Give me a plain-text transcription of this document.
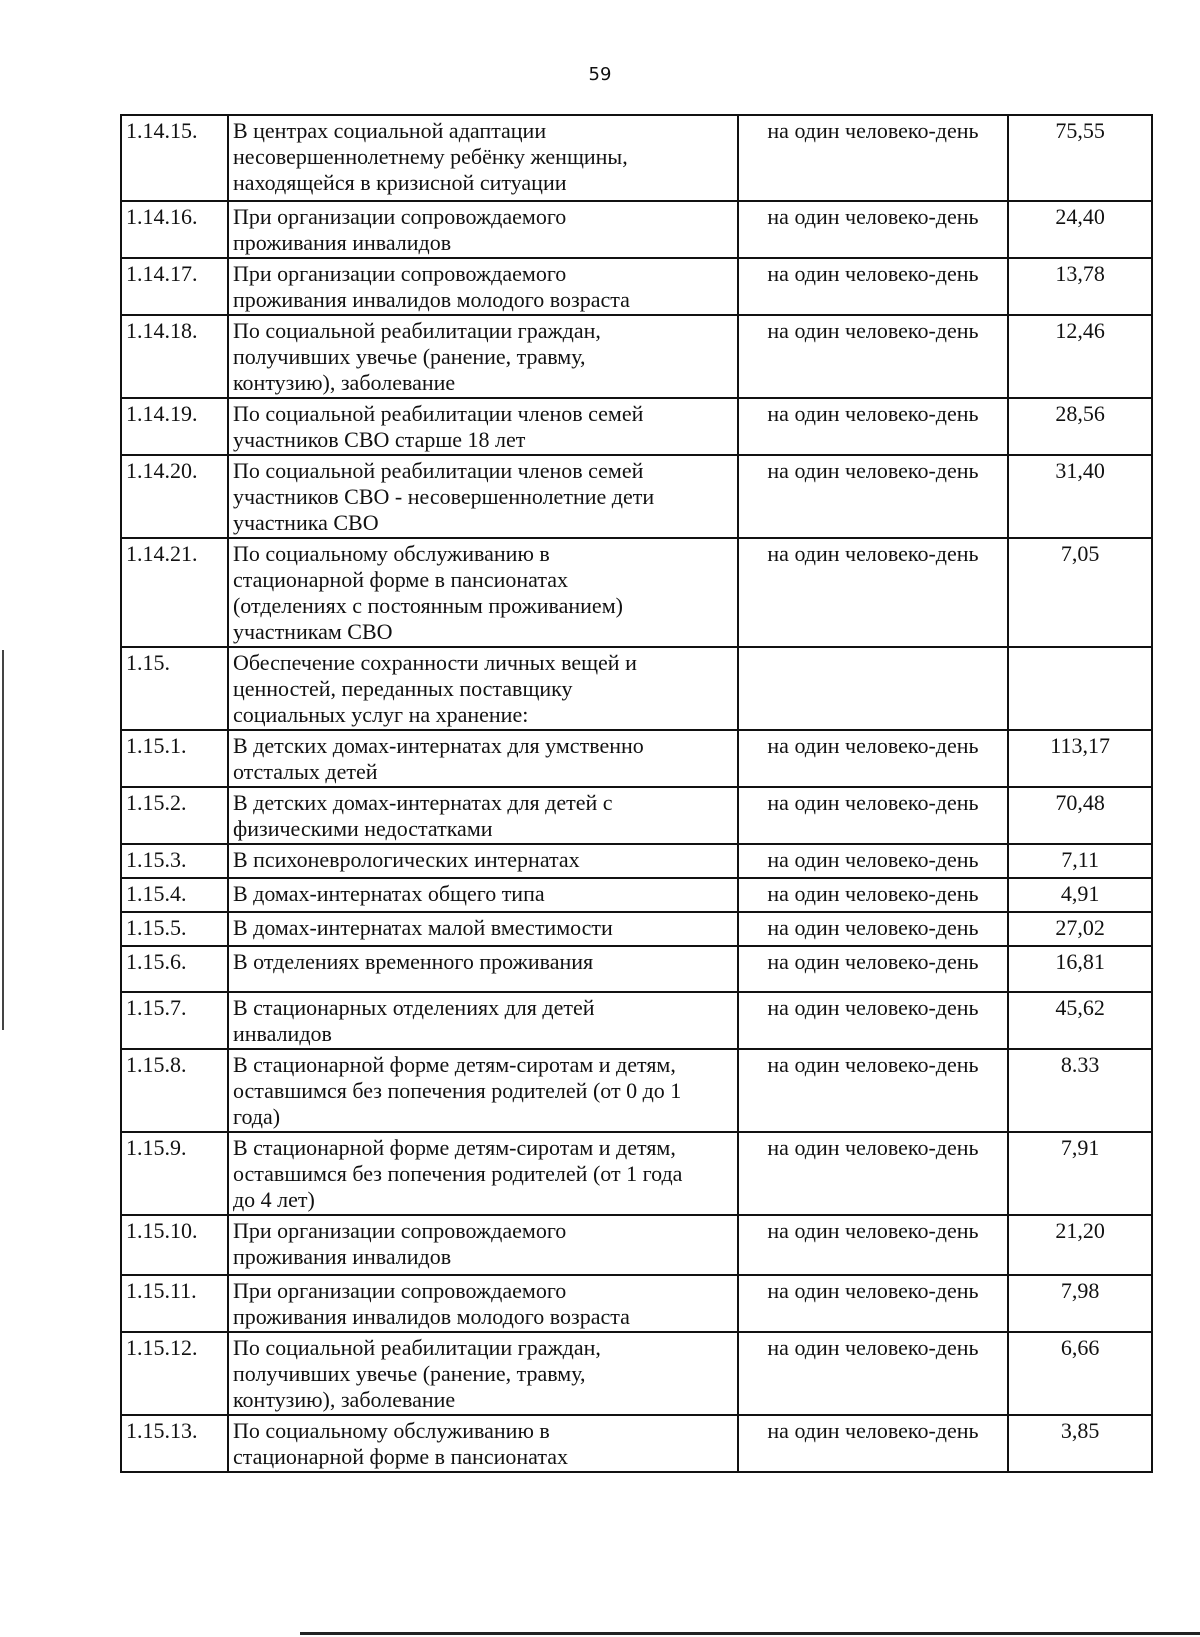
59
1.14.15.	В центрах социальной адаптации
несовершеннолетнему ребёнку женщины,
находящейся в кризисной ситуации	на один человеко-день	75,55

1.14.16.	При организации сопровождаемого
проживания инвалидов	на один человеко-день	24,40

1.14.17.	При организации сопровождаемого
проживания инвалидов молодого возраста	на один человеко-день	13,78

1.14.18.	По социальной реабилитации граждан,
получивших увечье (ранение, травму,
контузию), заболевание	на один человеко-день	12,46

1.14.19.	По социальной реабилитации членов семей
участников СВО старше 18 лет	на один человеко-день	28,56

1.14.20.	По социальной реабилитации членов семей
участников СВО - несовершеннолетние дети
участника СВО	на один человеко-день	31,40

1.14.21.	По социальному обслуживанию в
стационарной форме в пансионатах
(отделениях с постоянным проживанием)
участникам СВО	на один человеко-день	7,05

1.15.	Обеспечение сохранности личных вещей и
ценностей, переданных поставщику
социальных услуг на хранение:		

1.15.1.	В детских домах-интернатах для умственно
отсталых детей	на один человеко-день	113,17

1.15.2.	В детских домах-интернатах для детей с
физическими недостатками	на один человеко-день	70,48

1.15.3.	В психоневрологических интернатах	на один человеко-день	7,11

1.15.4.	В домах-интернатах общего типа	на один человеко-день	4,91

1.15.5.	В домах-интернатах малой вместимости	на один человеко-день	27,02

1.15.6.	В отделениях временного проживания	на один человеко-день	16,81

1.15.7.	В стационарных отделениях для детей
инвалидов	на один человеко-день	45,62

1.15.8.	В стационарной форме детям-сиротам и детям,
оставшимся без попечения родителей (от 0 до 1
года)	на один человеко-день	8.33

1.15.9.	В стационарной форме детям-сиротам и детям,
оставшимся без попечения родителей (от 1 года
до 4 лет)	на один человеко-день	7,91

1.15.10.	При организации сопровождаемого
проживания инвалидов	на один человеко-день	21,20

1.15.11.	При организации сопровождаемого
проживания инвалидов молодого возраста	на один человеко-день	7,98

1.15.12.	По социальной реабилитации граждан,
получивших увечье (ранение, травму,
контузию), заболевание	на один человеко-день	6,66

1.15.13.	По социальному обслуживанию в
стационарной форме в пансионатах	на один человеко-день	3,85
